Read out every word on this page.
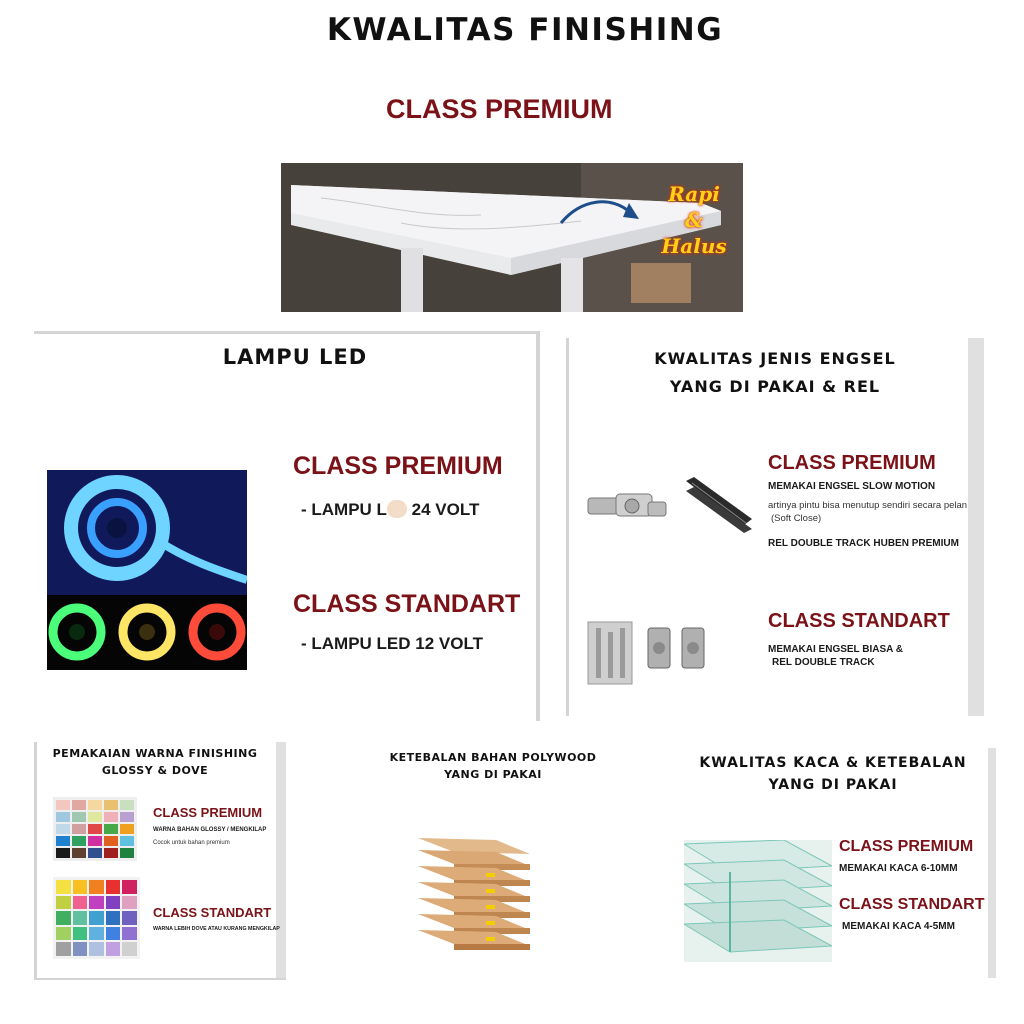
KWALITAS FINISHING
CLASS PREMIUM
Rapi
&
Halus
LAMPU LED
CLASS PREMIUM
- LAMPU L 24 VOLT
CLASS STANDART
- LAMPU LED 12 VOLT
KWALITAS JENIS ENGSEL
YANG DI PAKAI & REL
CLASS PREMIUM
MEMAKAI ENGSEL SLOW MOTION
artinya pintu bisa menutup sendiri secara pelan
(Soft Close)
REL DOUBLE TRACK HUBEN PREMIUM
CLASS STANDART
MEMAKAI ENGSEL BIASA &
REL DOUBLE TRACK
PEMAKAIAN WARNA FINISHING
GLOSSY & DOVE
CLASS PREMIUM
WARNA BAHAN GLOSSY / MENGKILAP
Cocok untuk bahan premium
CLASS STANDART
WARNA LEBIH DOVE ATAU KURANG MENGKILAP
KETEBALAN BAHAN POLYWOOD
YANG DI PAKAI
KWALITAS KACA & KETEBALAN
YANG DI PAKAI
CLASS PREMIUM
MEMAKAI KACA 6-10MM
CLASS STANDART
MEMAKAI KACA 4-5MM
